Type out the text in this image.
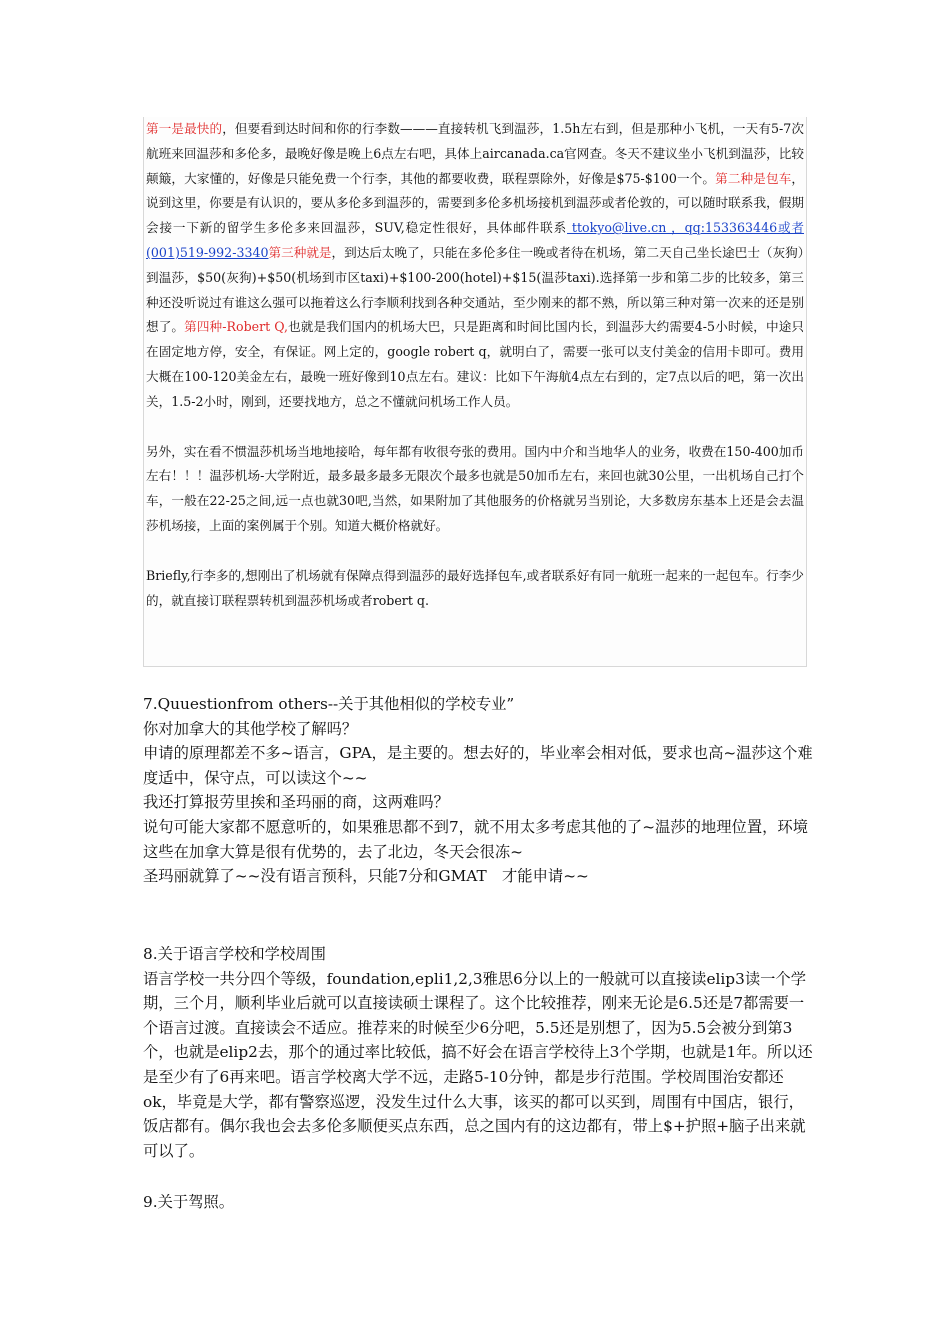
第一是最快的，但要看到达时间和你的行李数———直接转机飞到温莎，1.5h左右到，但是那种小飞机，一天有5-7次航班来回温莎和多伦多，最晚好像是晚上6点左右吧，具体上aircanada.ca官网查。冬天不建议坐小飞机到温莎，比较颠簸，大家懂的，好像是只能免费一个行李，其他的都要收费，联程票除外，好像是$75-$100一个。第二种是包车，说到这里，你要是有认识的，要从多伦多到温莎的，需要到多伦多机场接机到温莎或者伦敦的，可以随时联系我，假期会接一下新的留学生多伦多来回温莎，SUV,稳定性很好，具体邮件联系 ttokyo@live.cn ，qq:153363446或者(001)519-992-3340第三种就是，到达后太晚了，只能在多伦多住一晚或者待在机场，第二天自己坐长途巴士（灰狗）到温莎，$50(灰狗)+$50(机场到市区taxi)+$100-200(hotel)+$15(温莎taxi).选择第一步和第二步的比较多，第三种还没听说过有谁这么强可以拖着这么行李顺利找到各种交通站，至少刚来的都不熟，所以第三种对第一次来的还是别想了。第四种-Robert Q,也就是我们国内的机场大巴，只是距离和时间比国内长，到温莎大约需要4-5小时候，中途只在固定地方停，安全，有保证。网上定的，google robert q，就明白了，需要一张可以支付美金的信用卡即可。费用大概在100-120美金左右，最晚一班好像到10点左右。建议：比如下午海航4点左右到的，定7点以后的吧，第一次出关，1.5-2小时，刚到，还要找地方，总之不懂就问机场工作人员。

另外，实在看不惯温莎机场当地地接哈，每年都有收很夸张的费用。国内中介和当地华人的业务，收费在150-400加币左右！！！温莎机场-大学附近，最多最多最多无限次个最多也就是50加币左右，来回也就30公里，一出机场自己打个车，一般在22-25之间,远一点也就30吧,当然，如果附加了其他服务的价格就另当别论，大多数房东基本上还是会去温莎机场接，上面的案例属于个别。知道大概价格就好。

Briefly,行李多的,想刚出了机场就有保障点得到温莎的最好选择包车,或者联系好有同一航班一起来的一起包车。行李少的，就直接订联程票转机到温莎机场或者robert q.

7.Quuestionfrom others--关于其他相似的学校专业”

你对加拿大的其他学校了解吗？

申请的原理都差不多~语言，GPA，是主要的。想去好的，毕业率会相对低，要求也高~温莎这个难度适中，保守点，可以读这个~~

我还打算报劳里挨和圣玛丽的商，这两难吗？

说句可能大家都不愿意听的，如果雅思都不到7，就不用太多考虑其他的了~温莎的地理位置，环境这些在加拿大算是很有优势的，去了北边，冬天会很冻~

圣玛丽就算了~~没有语言预科，只能7分和GMAT　才能申请~~

8.关于语言学校和学校周围

语言学校一共分四个等级，foundation,epli1,2,3雅思6分以上的一般就可以直接读elip3读一个学期，三个月，顺利毕业后就可以直接读硕士课程了。这个比较推荐，刚来无论是6.5还是7都需要一个语言过渡。直接读会不适应。推荐来的时候至少6分吧，5.5还是别想了，因为5.5会被分到第3个，也就是elip2去，那个的通过率比较低，搞不好会在语言学校待上3个学期，也就是1年。所以还是至少有了6再来吧。语言学校离大学不远，走路5-10分钟，都是步行范围。学校周围治安都还ok，毕竟是大学，都有警察巡逻，没发生过什么大事，该买的都可以买到，周围有中国店，银行，饭店都有。偶尔我也会去多伦多顺便买点东西，总之国内有的这边都有，带上$+护照+脑子出来就可以了。

9.关于驾照。
